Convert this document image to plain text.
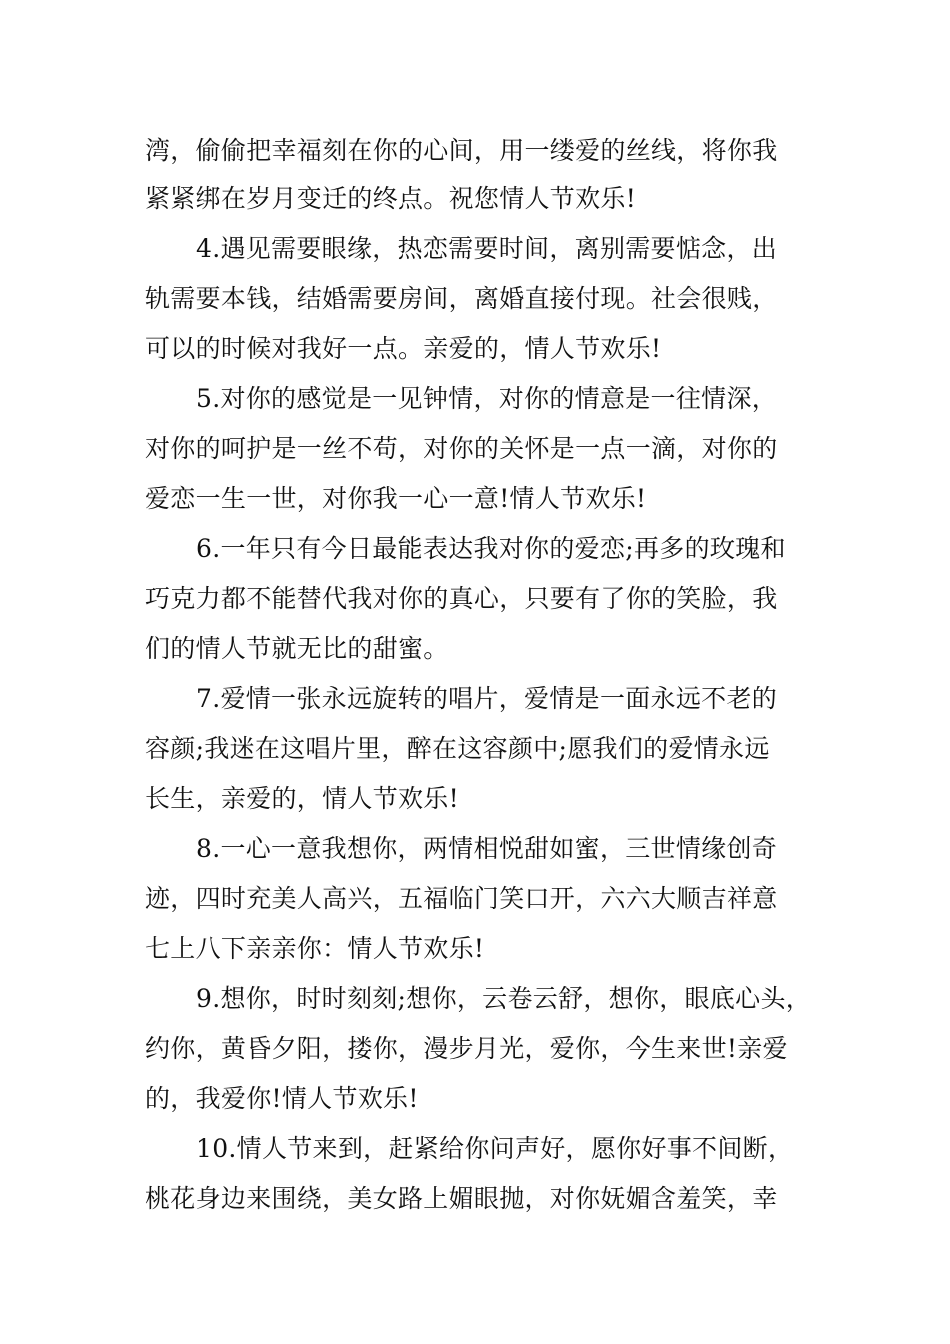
湾，偷偷把幸福刻在你的心间，用一缕爱的丝线，将你我
紧紧绑在岁月变迁的终点。祝您情人节欢乐!
4.遇见需要眼缘，热恋需要时间，离别需要惦念，出
轨需要本钱，结婚需要房间，离婚直接付现。社会很贱，
可以的时候对我好一点。亲爱的，情人节欢乐!
5.对你的感觉是一见钟情，对你的情意是一往情深，
对你的呵护是一丝不苟，对你的关怀是一点一滴，对你的
爱恋一生一世，对你我一心一意!情人节欢乐!
6.一年只有今日最能表达我对你的爱恋;再多的玫瑰和
巧克力都不能替代我对你的真心，只要有了你的笑脸，我
们的情人节就无比的甜蜜。
7.爱情一张永远旋转的唱片，爱情是一面永远不老的
容颜;我迷在这唱片里，醉在这容颜中;愿我们的爱情永远
长生，亲爱的，情人节欢乐!
8.一心一意我想你，两情相悦甜如蜜，三世情缘创奇
迹，四时充美人高兴，五福临门笑口开，六六大顺吉祥意
七上八下亲亲你：情人节欢乐!
9.想你，时时刻刻;想你，云卷云舒，想你，眼底心头，
约你，黄昏夕阳，搂你，漫步月光，爱你，今生来世!亲爱
的，我爱你!情人节欢乐!
10.情人节来到，赶紧给你问声好，愿你好事不间断，
桃花身边来围绕，美女路上媚眼抛，对你妩媚含羞笑，幸
